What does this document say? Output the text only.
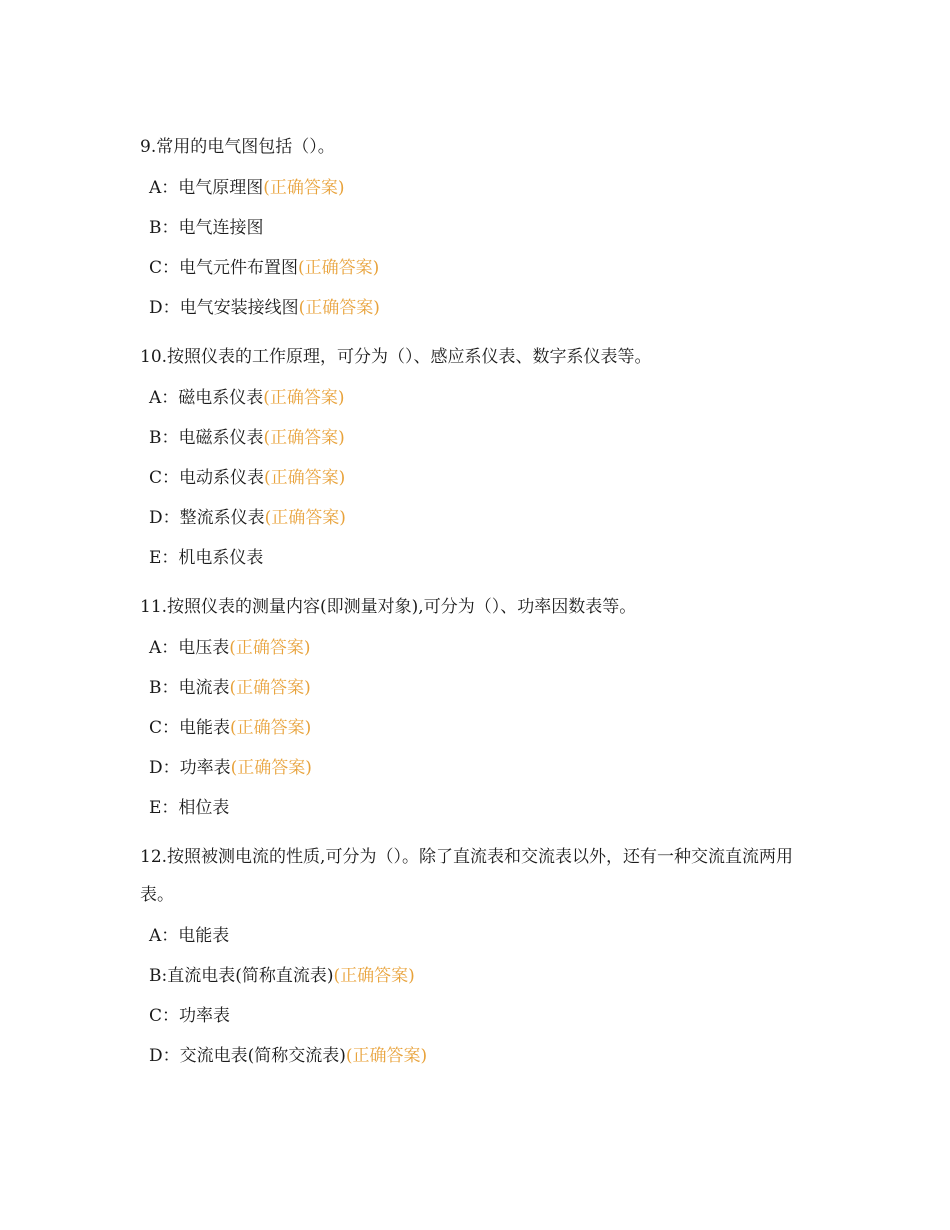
9.常用的电气图包括（）。
A：电气原理图(正确答案)
B：电气连接图
C：电气元件布置图(正确答案)
D：电气安装接线图(正确答案)
10.按照仪表的工作原理，可分为（）、感应系仪表、数字系仪表等。
A：磁电系仪表(正确答案)
B：电磁系仪表(正确答案)
C：电动系仪表(正确答案)
D：整流系仪表(正确答案)
E：机电系仪表
11.按照仪表的测量内容(即测量对象),可分为（）、功率因数表等。
A：电压表(正确答案)
B：电流表(正确答案)
C：电能表(正确答案)
D：功率表(正确答案)
E：相位表
12.按照被测电流的性质,可分为（）。除了直流表和交流表以外，还有一种交流直流两用表。
A：电能表
B:直流电表(简称直流表)(正确答案)
C：功率表
D：交流电表(简称交流表)(正确答案)
